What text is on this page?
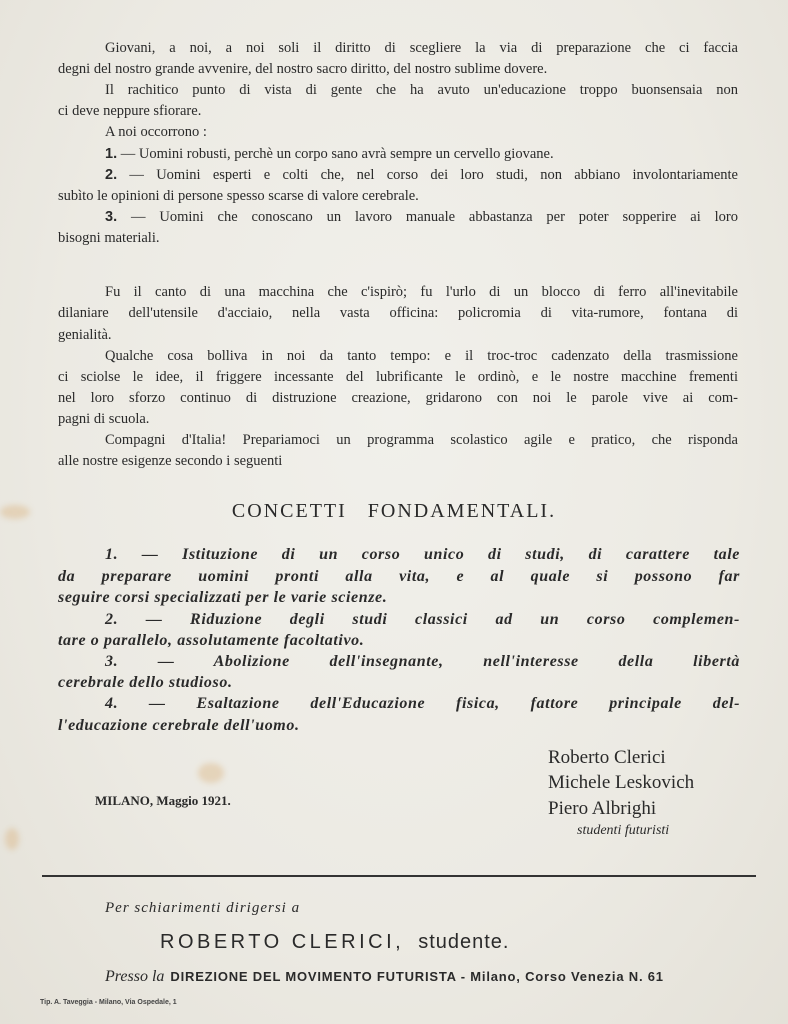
Giovani, a noi, a noi soli il diritto di scegliere la via di preparazione che ci faccia
degni del nostro grande avvenire, del nostro sacro diritto, del nostro sublime dovere.
Il rachitico punto di vista di gente che ha avuto un'educazione troppo buonsensaia non
ci deve neppure sfiorare.
A noi occorrono :
1. — Uomini robusti, perchè un corpo sano avrà sempre un cervello giovane.
2. — Uomini esperti e colti che, nel corso dei loro studi, non abbiano involontariamente
subìto le opinioni di persone spesso scarse di valore cerebrale.
3. — Uomini che conoscano un lavoro manuale abbastanza per poter sopperire ai loro
bisogni materiali.
Fu il canto di una macchina che c'ispirò; fu l'urlo di un blocco di ferro all'inevitabile
dilaniare dell'utensile d'acciaio, nella vasta officina: policromia di vita-rumore, fontana di
genialità.
Qualche cosa bolliva in noi da tanto tempo: e il troc-troc cadenzato della trasmissione
ci sciolse le idee, il friggere incessante del lubrificante le ordinò, e le nostre macchine frementi
nel loro sforzo continuo di distruzione creazione, gridarono con noi le parole vive ai com-
pagni di scuola.
Compagni d'Italia! Prepariamoci un programma scolastico agile e pratico, che risponda
alle nostre esigenze secondo i seguenti
CONCETTI FONDAMENTALI.
1. — Istituzione di un corso unico di studi, di carattere tale
da preparare uomini pronti alla vita, e al quale si possono far
seguire corsi specializzati per le varie scienze.
2. — Riduzione degli studi classici ad un corso complemen-
tare o parallelo, assolutamente facoltativo.
3. — Abolizione dell'insegnante, nell'interesse della libertà
cerebrale dello studioso.
4. — Esaltazione dell'Educazione fisica, fattore principale del-
l'educazione cerebrale dell'uomo.
MILANO, Maggio 1921.
Roberto Clerici
Michele Leskovich
Piero Albrighi
studenti futuristi
Per schiarimenti dirigersi a
ROBERTO CLERICI, studente.
Presso la DIREZIONE DEL MOVIMENTO FUTURISTA - Milano, Corso Venezia N. 61
Tip. A. Taveggia - Milano, Via Ospedale, 1
